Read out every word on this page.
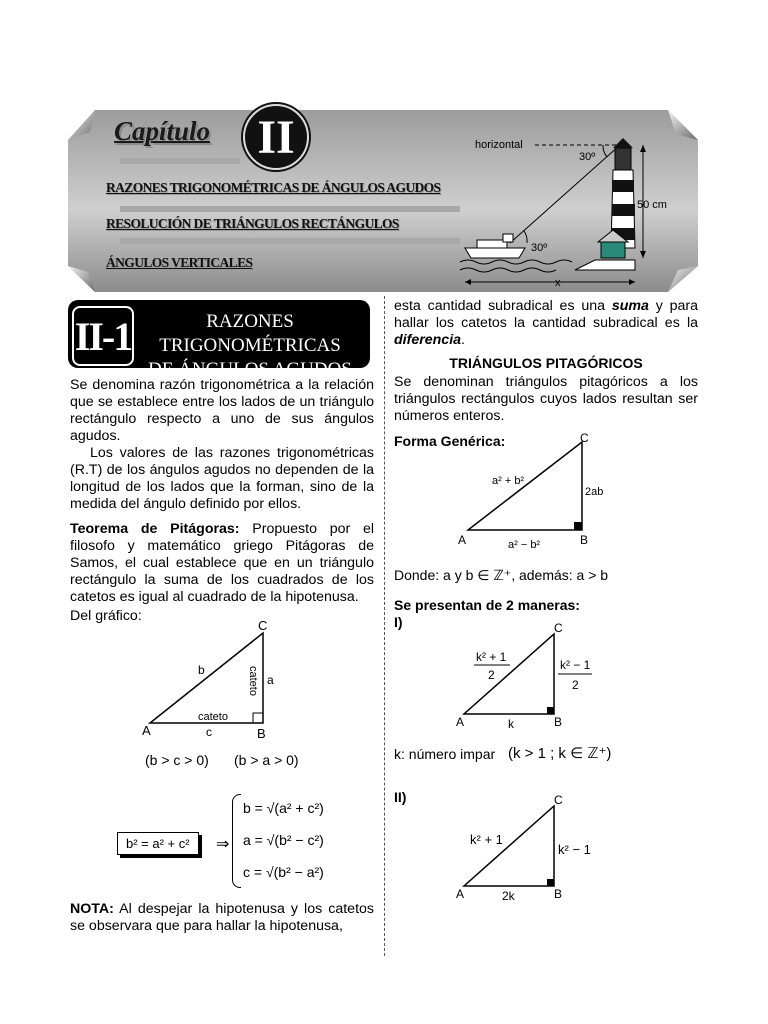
Capítulo II
RAZONES TRIGONOMÉTRICAS DE ÁNGULOS AGUDOS
RESOLUCIÓN DE TRIÁNGULOS RECTÁNGULOS
ÁNGULOS VERTICALES
horizontal
30º
30º
50 cm
x
II-1	RAZONES TRIGONOMÉTRICAS
DE ÁNGULOS AGUDOS
Se denomina razón trigonométrica a la relación que se establece entre los lados de un triángulo rectángulo respecto a uno de sus ángulos agudos.
Los valores de las razones trigonométricas (R.T) de los ángulos agudos no dependen de la longitud de los lados que la forman, sino de la medida del ángulo definido por ellos.
Teorema de Pitágoras: Propuesto por el filosofo y matemático griego Pitágoras de Samos, el cual establece que en un triángulo rectángulo la suma de los cuadrados de los catetos es igual al cuadrado de la hipotenusa.
Del gráfico:
A	B
C
b
a
c
cateto
cateto
(b > c > 0) (b > a > 0)
b² = a² + c²	⇒
b = √(a² + c²)
a = √(b² − c²)
c = √(b² − a²)
NOTA: Al despejar la hipotenusa y los catetos se observara que para hallar la hipotenusa,
esta cantidad subradical es una suma y para hallar los catetos la cantidad subradical es la diferencia.
TRIÁNGULOS PITAGÓRICOS
Se denominan triángulos pitagóricos a los triángulos rectángulos cuyos lados resultan ser números enteros.
Forma Genérica:
A	B
C
a² + b²
2ab
a² − b²
Donde: a y b ∈ ℤ⁺, además: a > b
Se presentan de 2 maneras:
I)
A	B
C
k² + 1
2
k² − 1
2
k
k: número impar (k > 1 ; k ∈ ℤ⁺)
II)
A	B
C
k² + 1
k² − 1
2k
